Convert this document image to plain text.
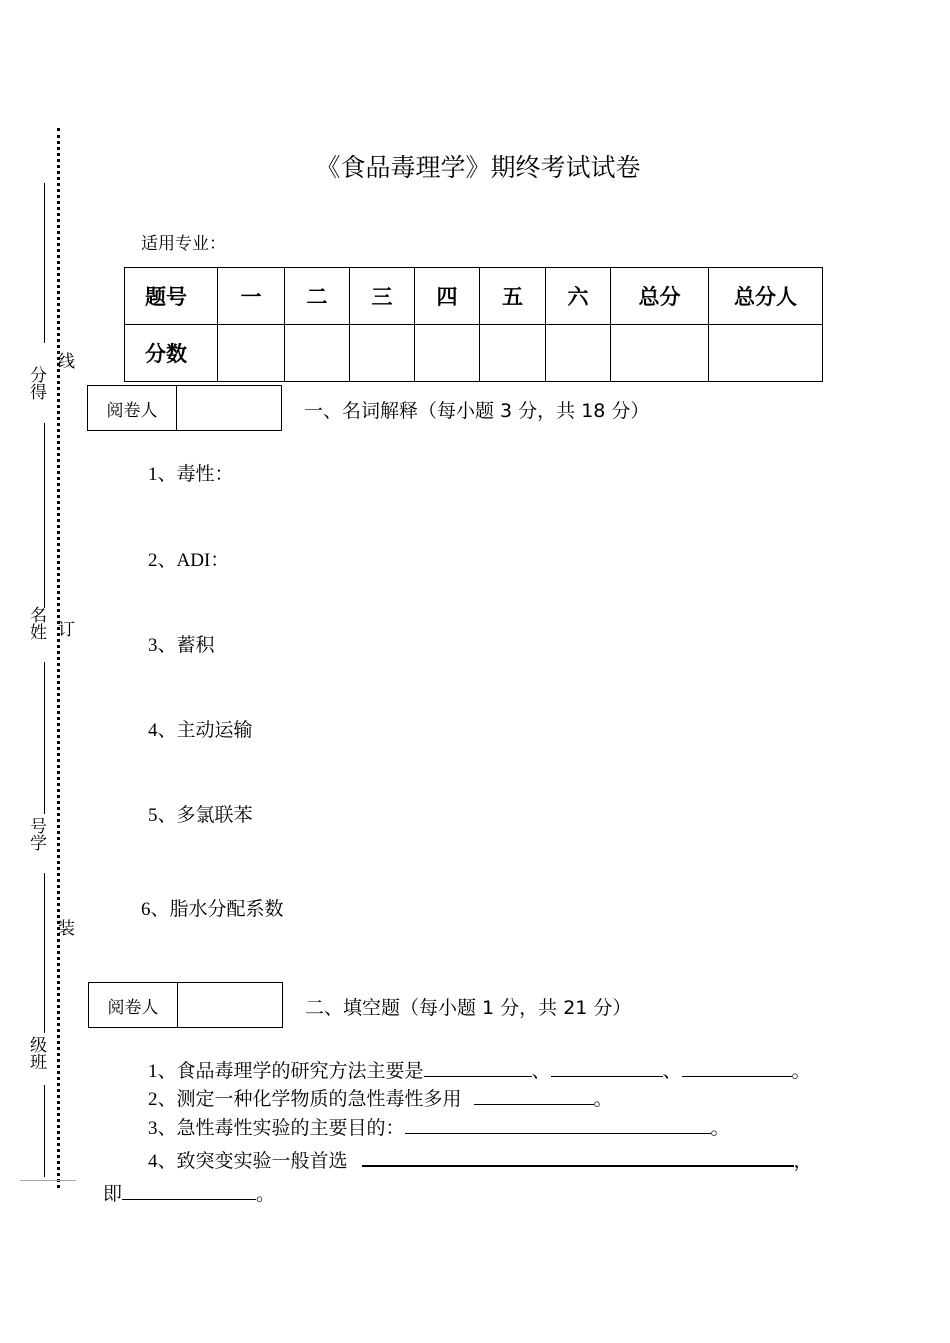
线
分得
订
名姓
号学
装
级班
《食品毒理学》期终考试试卷
适用专业：
题号	一	二	三	四	五	六	总分	总分人
分数								
阅卷人		一、名词解释（每小题 3 分，共 18 分）
1、毒性：
2、ADI：
3、蓄积
4、主动运输
5、多氯联苯
6、脂水分配系数
阅卷人		二、填空题（每小题 1 分，共 21 分）
1、食品毒理学的研究方法主要是	、	、	。
2、测定一种化学物质的急性毒性多用	。
3、急性毒性实验的主要目的：	。
4、致突变实验一般首选	，
即	。
